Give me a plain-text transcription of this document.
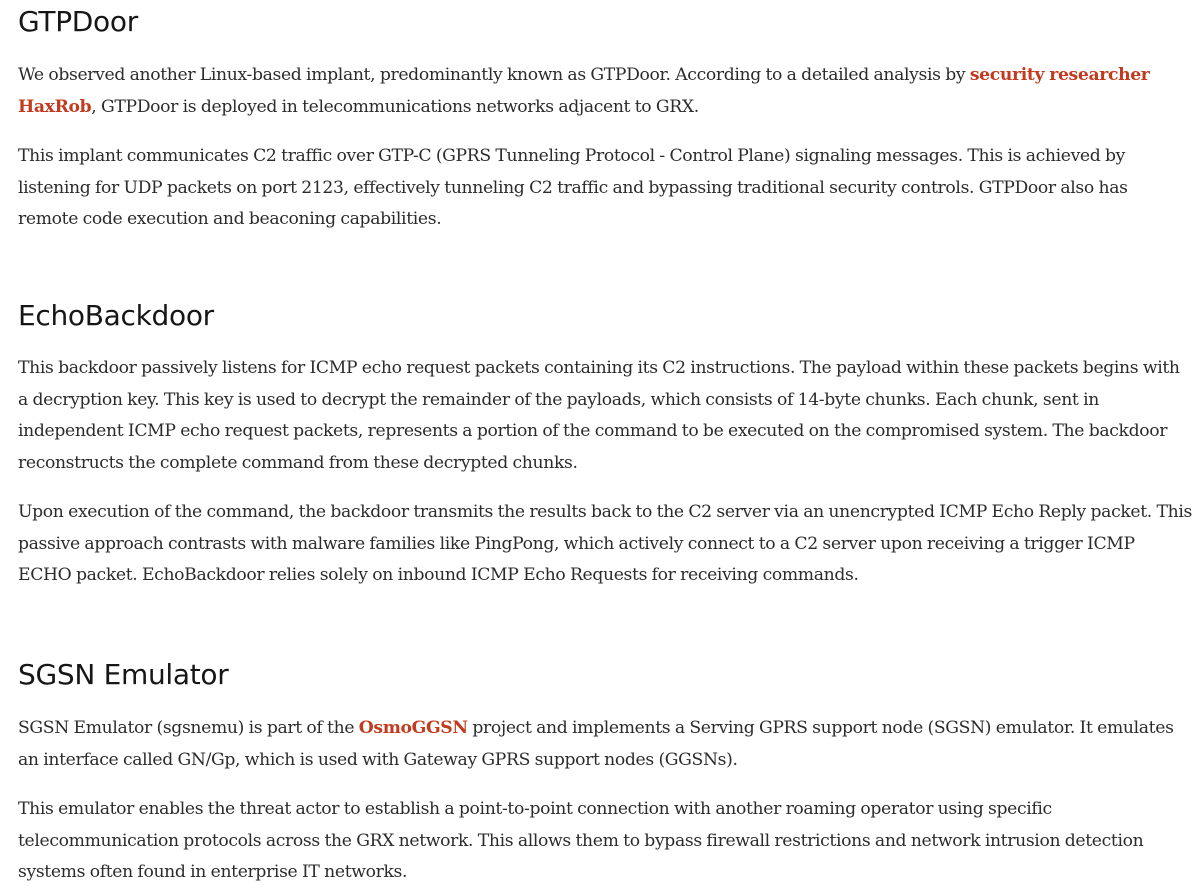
GTPDoor

We observed another Linux-based implant, predominantly known as GTPDoor. According to a detailed analysis by security researcher HaxRob, GTPDoor is deployed in telecommunications networks adjacent to GRX.

This implant communicates C2 traffic over GTP-C (GPRS Tunneling Protocol - Control Plane) signaling messages. This is achieved by listening for UDP packets on port 2123, effectively tunneling C2 traffic and bypassing traditional security controls. GTPDoor also has remote code execution and beaconing capabilities.

EchoBackdoor

This backdoor passively listens for ICMP echo request packets containing its C2 instructions. The payload within these packets begins with a decryption key. This key is used to decrypt the remainder of the payloads, which consists of 14-byte chunks. Each chunk, sent in independent ICMP echo request packets, represents a portion of the command to be executed on the compromised system. The backdoor reconstructs the complete command from these decrypted chunks.

Upon execution of the command, the backdoor transmits the results back to the C2 server via an unencrypted ICMP Echo Reply packet. This passive approach contrasts with malware families like PingPong, which actively connect to a C2 server upon receiving a trigger ICMP ECHO packet. EchoBackdoor relies solely on inbound ICMP Echo Requests for receiving commands.

SGSN Emulator

SGSN Emulator (sgsnemu) is part of the OsmoGGSN project and implements a Serving GPRS support node (SGSN) emulator. It emulates an interface called GN/Gp, which is used with Gateway GPRS support nodes (GGSNs).

This emulator enables the threat actor to establish a point-to-point connection with another roaming operator using specific telecommunication protocols across the GRX network. This allows them to bypass firewall restrictions and network intrusion detection systems often found in enterprise IT networks.
